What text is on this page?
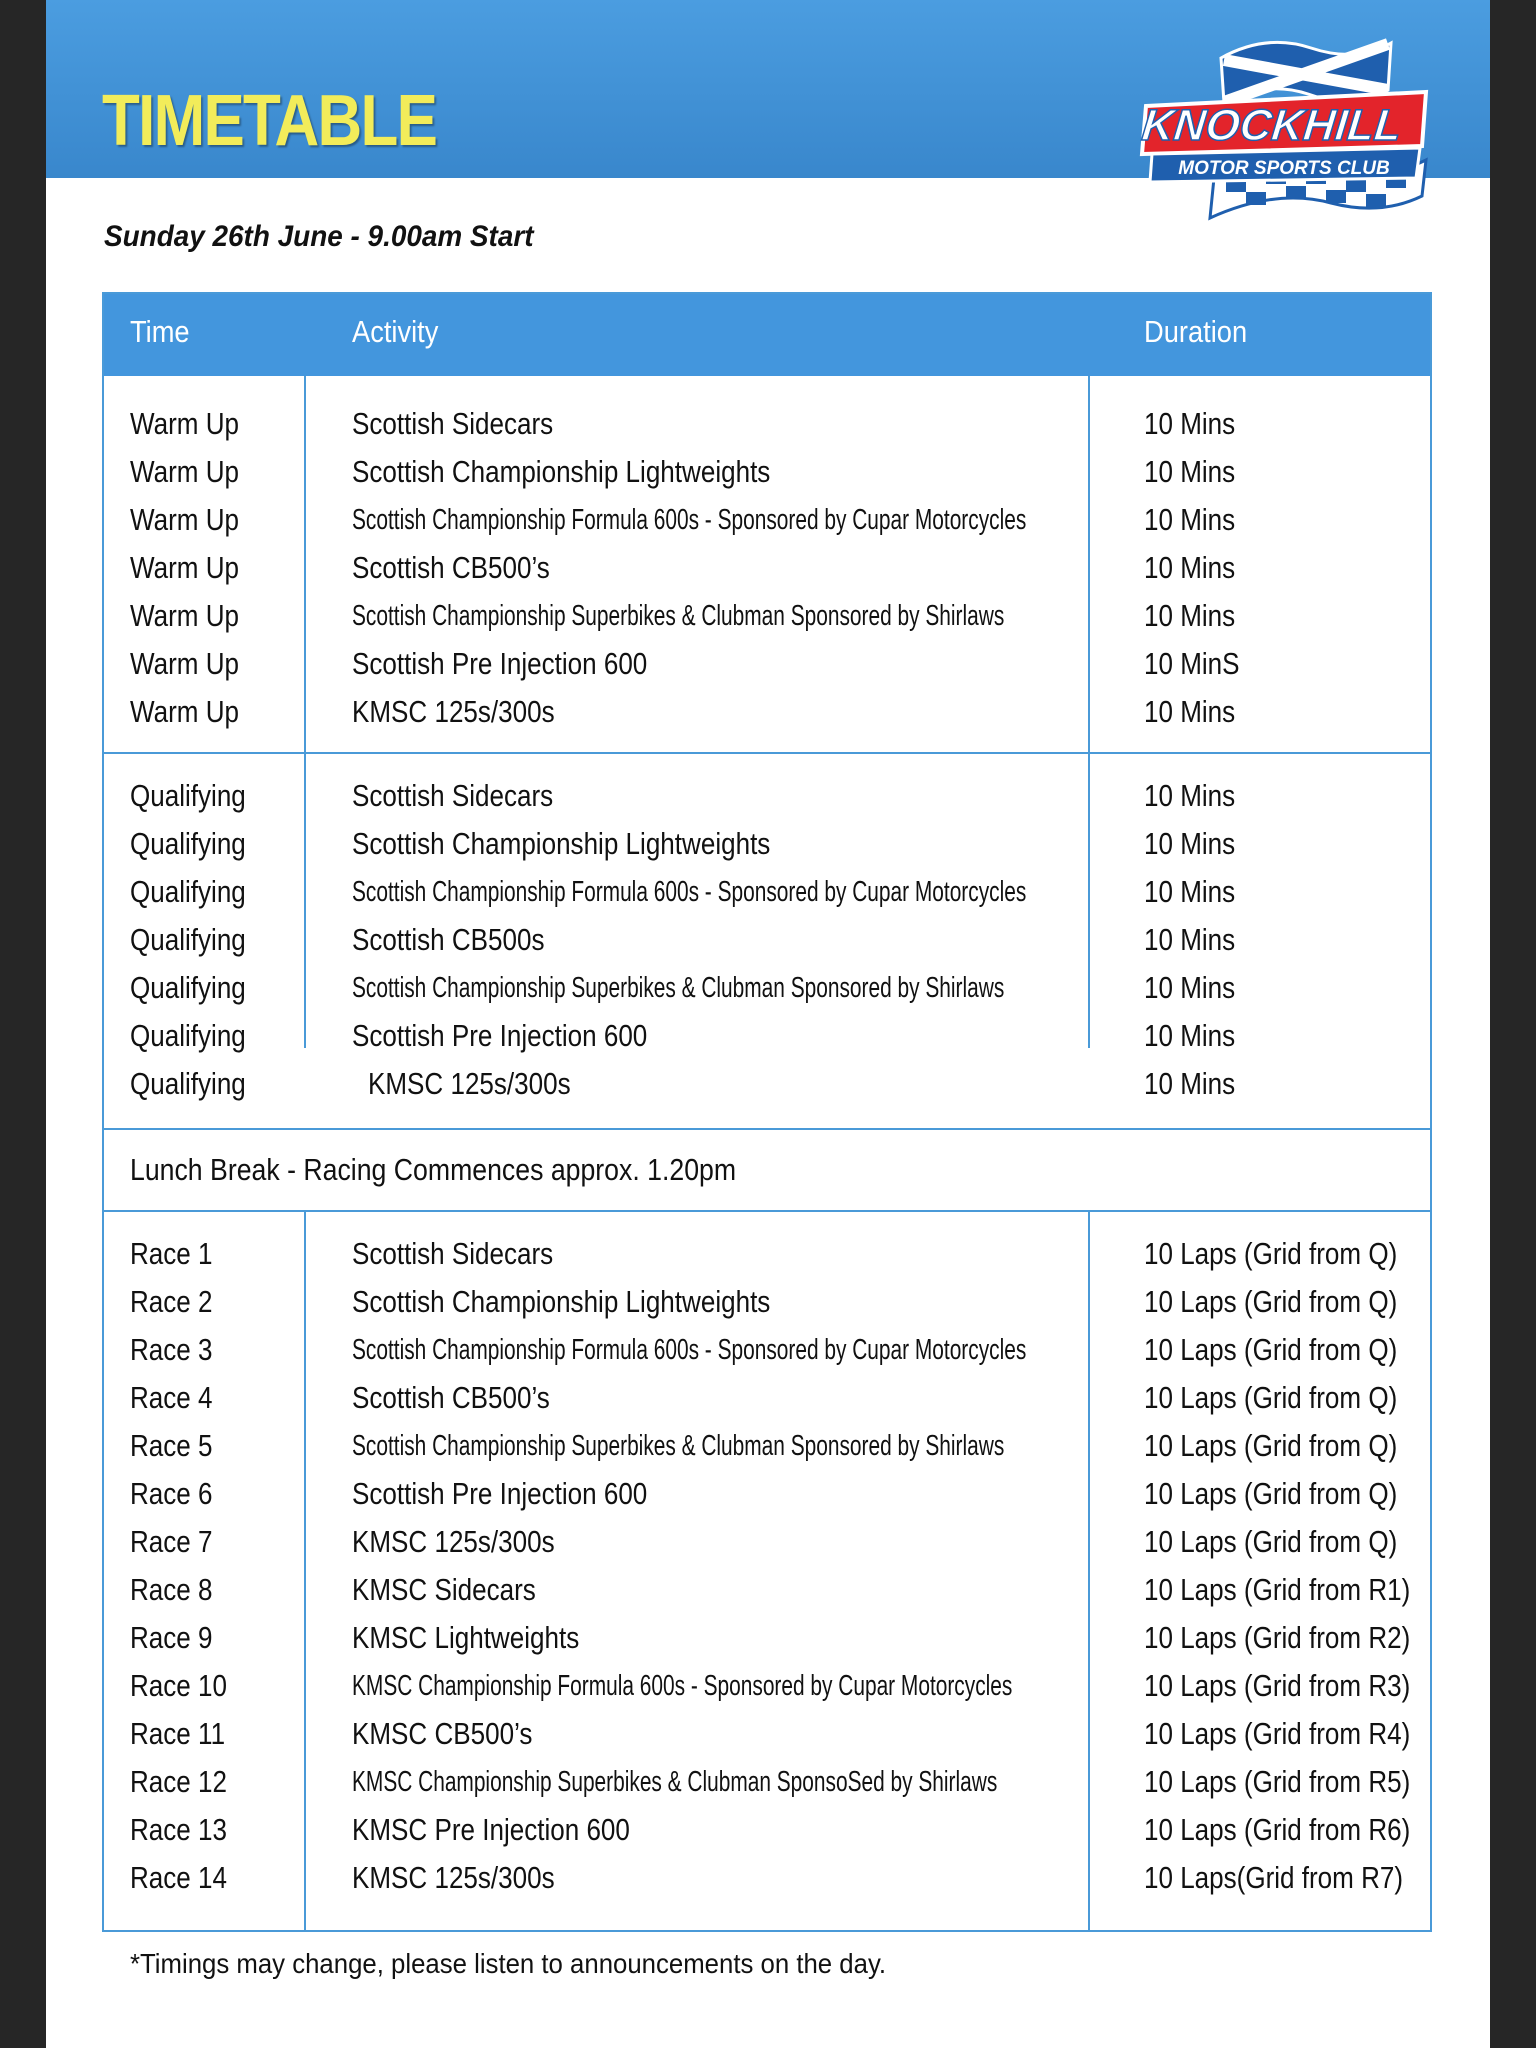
TIMETABLE	KNOCKHILL
MOTOR SPORTS CLUB
Sunday 26th June - 9.00am Start
Time	Activity	Duration
Warm Up	Scottish Sidecars	10 Mins
Warm Up	Scottish Championship Lightweights	10 Mins
Warm Up	Scottish Championship Formula 600s - Sponsored by Cupar Motorcycles	10 Mins
Warm Up	Scottish CB500’s	10 Mins
Warm Up	Scottish Championship Superbikes & Clubman Sponsored by Shirlaws	10 Mins
Warm Up	Scottish Pre Injection 600	10 MinS
Warm Up	KMSC 125s/300s	10 Mins
Qualifying	Scottish Sidecars	10 Mins
Qualifying	Scottish Championship Lightweights	10 Mins
Qualifying	Scottish Championship Formula 600s - Sponsored by Cupar Motorcycles	10 Mins
Qualifying	Scottish CB500s	10 Mins
Qualifying	Scottish Championship Superbikes & Clubman Sponsored by Shirlaws	10 Mins
Qualifying	Scottish Pre Injection 600	10 Mins
Qualifying	KMSC 125s/300s	10 Mins
Lunch Break - Racing Commences approx. 1.20pm
Race 1	Scottish Sidecars	10 Laps (Grid from Q)
Race 2	Scottish Championship Lightweights	10 Laps (Grid from Q)
Race 3	Scottish Championship Formula 600s - Sponsored by Cupar Motorcycles	10 Laps (Grid from Q)
Race 4	Scottish CB500’s	10 Laps (Grid from Q)
Race 5	Scottish Championship Superbikes & Clubman Sponsored by Shirlaws	10 Laps (Grid from Q)
Race 6	Scottish Pre Injection 600	10 Laps (Grid from Q)
Race 7	KMSC 125s/300s	10 Laps (Grid from Q)
Race 8	KMSC Sidecars	10 Laps (Grid from R1)
Race 9	KMSC Lightweights	10 Laps (Grid from R2)
Race 10	KMSC Championship Formula 600s - Sponsored by Cupar Motorcycles	10 Laps (Grid from R3)
Race 11	KMSC CB500’s	10 Laps (Grid from R4)
Race 12	KMSC Championship Superbikes & Clubman SponsoSed by Shirlaws	10 Laps (Grid from R5)
Race 13	KMSC Pre Injection 600	10 Laps (Grid from R6)
Race 14	KMSC 125s/300s	10 Laps(Grid from R7)
*Timings may change, please listen to announcements on the day.
